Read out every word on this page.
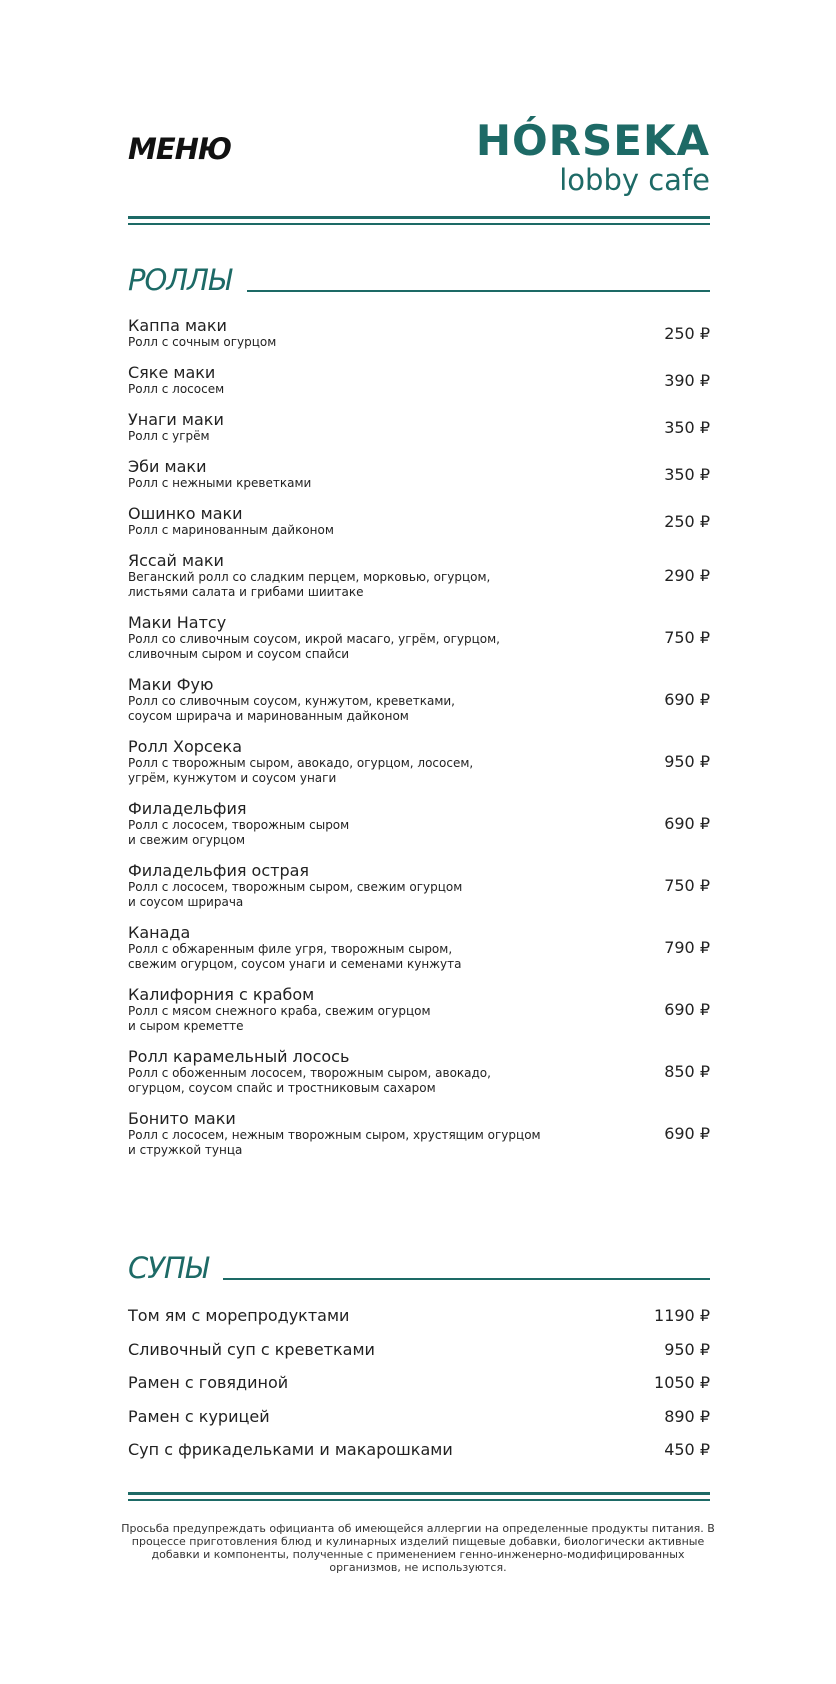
МЕНЮ	HÓRSEKA
lobby cafe
РОЛЛЫ
Каппа маки
Ролл с сочным огурцом	250 ₽
Сяке маки
Ролл с лососем	390 ₽
Унаги маки
Ролл с угрём	350 ₽
Эби маки
Ролл с нежными креветками	350 ₽
Ошинко маки
Ролл с маринованным дайконом	250 ₽
Яссай маки
Веганский ролл со сладким перцем, морковью, огурцом,
листьями салата и грибами шиитаке
290 ₽
Маки Натсу
Ролл со сливочным соусом, икрой масаго, угрём, огурцом,
сливочным сыром и соусом спайси
750 ₽
Маки Фую
Ролл со сливочным соусом, кунжутом, креветками,
соусом шрирача и маринованным дайконом
690 ₽
Ролл Хорсека
Ролл с творожным сыром, авокадо, огурцом, лососем,
угрём, кунжутом и соусом унаги
950 ₽
Филадельфия
Ролл с лососем, творожным сыром
и свежим огурцом
690 ₽
Филадельфия острая
Ролл с лососем, творожным сыром, свежим огурцом
и соусом шрирача
750 ₽
Канада
Ролл с обжаренным филе угря, творожным сыром,
свежим огурцом, соусом унаги и семенами кунжута
790 ₽
Калифорния с крабом
Ролл с мясом снежного краба, свежим огурцом
и сыром креметте
690 ₽
Ролл карамельный лосось
Ролл с обоженным лососем, творожным сыром, авокадо,
огурцом, соусом спайс и тростниковым сахаром
850 ₽
Бонито маки
Ролл с лососем, нежным творожным сыром, хрустящим огурцом
и стружкой тунца
690 ₽
СУПЫ
Том ям с морепродуктами	1190 ₽
Сливочный суп с креветками	950 ₽
Рамен с говядиной	1050 ₽
Рамен с курицей	890 ₽
Суп с фрикадельками и макарошками	450 ₽
Просьба предупреждать официанта об имеющейся аллергии на определенные продукты питания. В процессе приготовления блюд и кулинарных изделий пищевые добавки, биологически активные добавки и компоненты, полученные с применением генно-инженерно-модифицированных организмов, не используются.
